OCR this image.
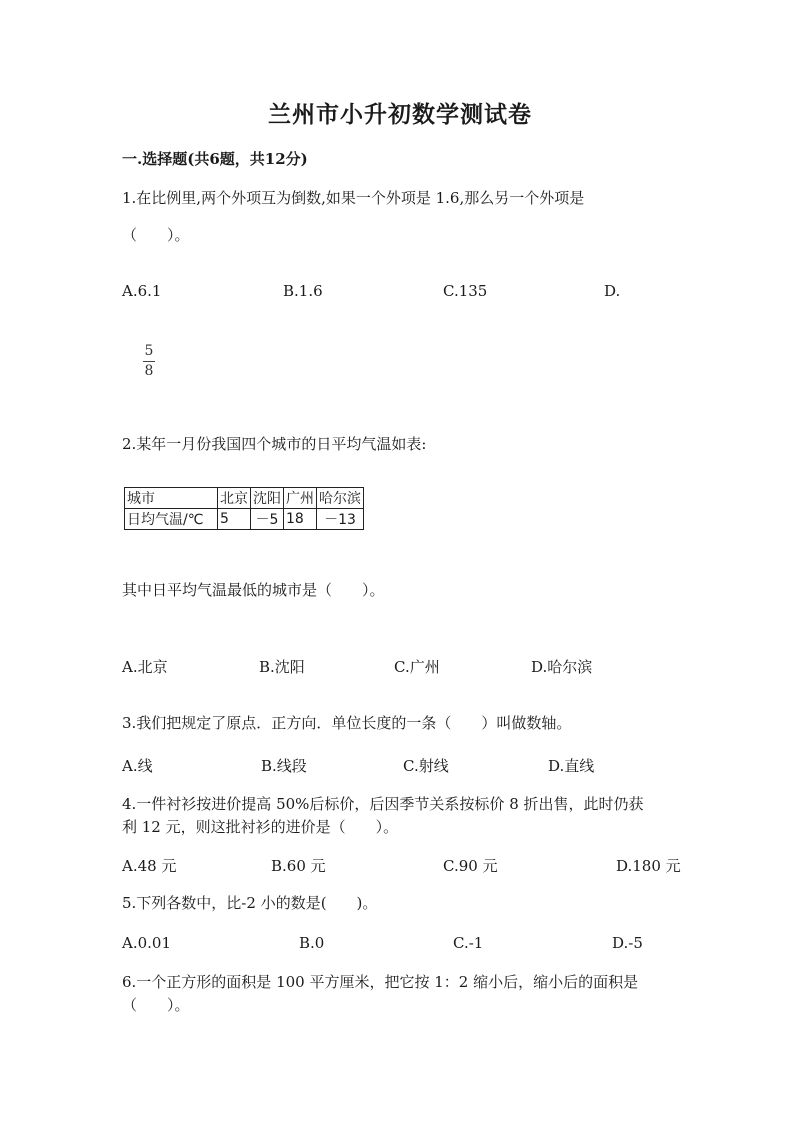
兰州市小升初数学测试卷
一.选择题(共6题，共12分)
1.在比例里,两个外项互为倒数,如果一个外项是 1.6,那么另一个外项是
（　　）。
A.6.1	B.1.6	C.135	D.
5
8
2.某年一月份我国四个城市的日平均气温如表:
城市	北京	沈阳	广州	哈尔滨
日均气温/℃	5	－5	18	－13
其中日平均气温最低的城市是（　　）。
A.北京	B.沈阳	C.广州	D.哈尔滨
3.我们把规定了原点．正方向．单位长度的一条（　　）叫做数轴。
A.线	B.线段	C.射线	D.直线
4.一件衬衫按进价提高 50%后标价，后因季节关系按标价 8 折出售，此时仍获
利 12 元，则这批衬衫的进价是（　　）。
A.48 元	B.60 元	C.90 元	D.180 元
5.下列各数中，比-2 小的数是(　　)。
A.0.01	B.0	C.-1	D.-5
6.一个正方形的面积是 100 平方厘米，把它按 1：2 缩小后，缩小后的面积是
（　　）。
